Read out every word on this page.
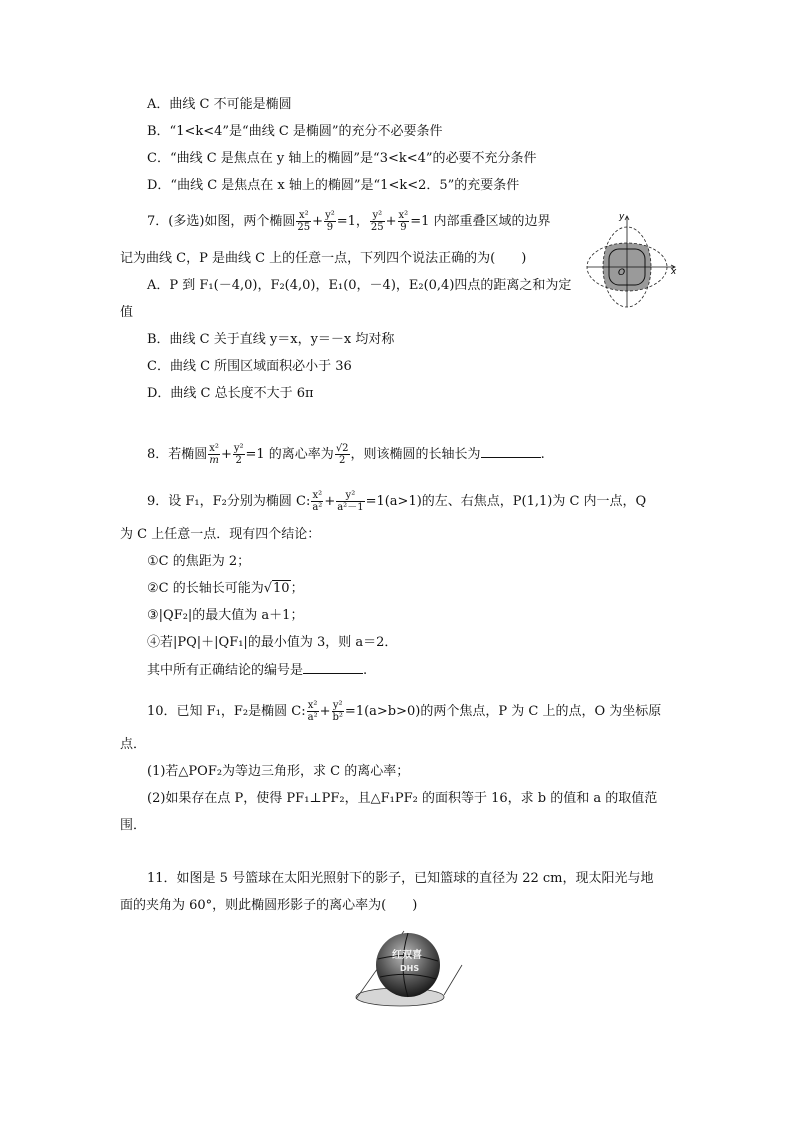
A．曲线 C 不可能是椭圆
B．“1<k<4”是“曲线 C 是椭圆”的充分不必要条件
C．“曲线 C 是焦点在 y 轴上的椭圆”是“3<k<4”的必要不充分条件
D．“曲线 C 是焦点在 x 轴上的椭圆”是“1<k<2．5”的充要条件
7．(多选)如图，两个椭圆 $\frac{\text{x²}}{25} + \frac{\text{y²}}{9} =1$， $\frac{\text{y²}}{25} + \frac{\text{x²}}{9} =1$ 内部重叠区域的边界
记为曲线 C，P 是曲线 C 上的任意一点，下列四个说法正确的为(　　)
A．P 到 F₁(－4,0)，F₂(4,0)，E₁(0，－4)，E₂(0,4)四点的距离之和为定
值
B．曲线 C 关于直线 y＝x，y＝－x 均对称
C．曲线 C 所围区域面积必小于 36
D．曲线 C 总长度不大于 6π
y
x
O
8．若椭圆 $\frac{\text{x²}}{m} + \frac{\text{y²}}{2} =1$ 的离心率为 $\frac{√2}{2}$ ，则该椭圆的长轴长为	.
9．设 F₁，F₂分别为椭圆 C: $\frac{\text{x²}}{\text{a²}} + \frac{\text{y²}}{\text{a²－1}} =1(a>1)$的左、右焦点，P(1,1)为 C 内一点，Q
为 C 上任意一点．现有四个结论：
①C 的焦距为 2；
②C 的长轴长可能为√10；
③|QF₂|的最大值为 a＋1；
④若|PQ|＋|QF₁|的最小值为 3，则 a＝2．
其中所有正确结论的编号是	.
10．已知 F₁，F₂是椭圆 C: $\frac{\text{x²}}{\text{a²}} + \frac{\text{y²}}{\text{b²}} =1(a>b>0)$的两个焦点，P 为 C 上的点，O 为坐标原
点．
(1)若△POF₂为等边三角形，求 C 的离心率；
(2)如果存在点 P，使得 PF₁⊥PF₂，且△F₁PF₂ 的面积等于 16，求 b 的值和 a 的取值范
围．
11．如图是 5 号篮球在太阳光照射下的影子，已知篮球的直径为 22 cm，现太阳光与地
面的夹角为 60°，则此椭圆形影子的离心率为(　　)
红双喜
DHS
